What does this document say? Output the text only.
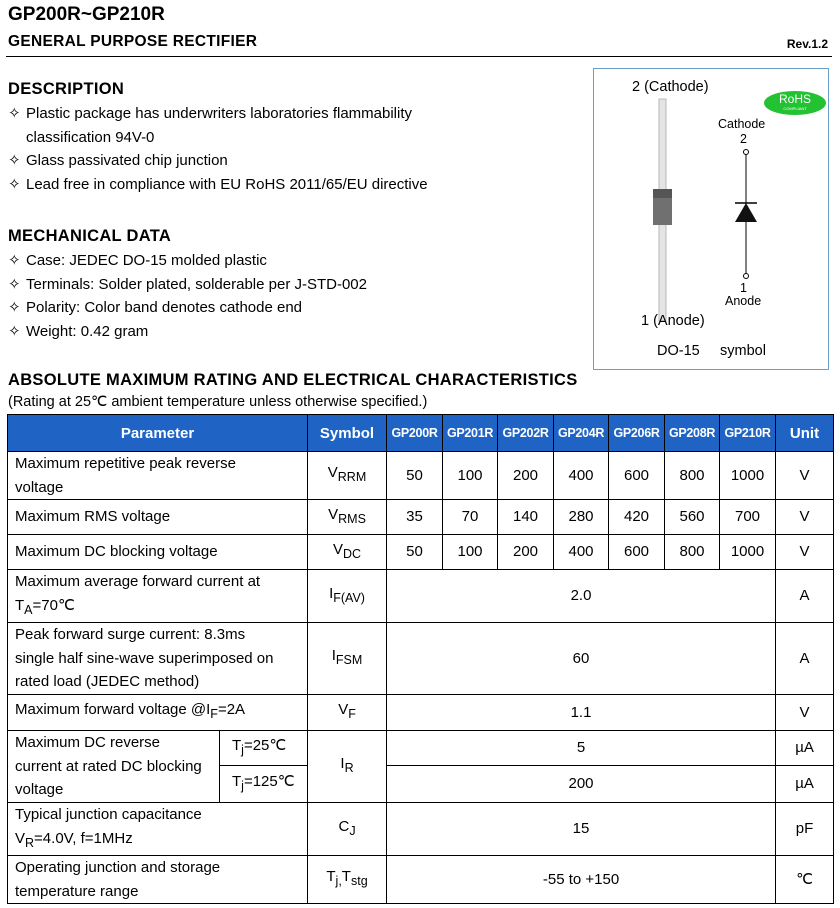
GP200R~GP210R
GENERAL PURPOSE RECTIFIER	Rev.1.2
DESCRIPTION
✧ Plastic package has underwriters laboratories flammability
classification 94V-0
✧ Glass passivated chip junction
✧ Lead free in compliance with EU RoHS 2011/65/EU directive
MECHANICAL DATA
✧ Case: JEDEC DO-15 molded plastic
✧ Terminals: Solder plated, solderable per J-STD-002
✧ Polarity: Color band denotes cathode end
✧ Weight: 0.42 gram
2 (Cathode)
RoHS
COMPLIANT
Cathode
2
1
Anode
1 (Anode)
DO-15 symbol
ABSOLUTE MAXIMUM RATING AND ELECTRICAL CHARACTERISTICS
(Rating at 25℃ ambient temperature unless otherwise specified.)
Parameter		Symbol	GP200R	GP201R	GP202R	GP204R	GP206R	GP208R	GP210R	Unit
Maximum repetitive peak reverse
voltage		$V_{RRM}$	50	100	200	400	600	800	1000	V
Maximum RMS voltage		$V_{RMS}$	35	70	140	280	420	560	700	V
Maximum DC blocking voltage		$V_{DC}$	50	100	200	400	600	800	1000	V
Maximum average forward current at
$T_A=70℃$		$I_{F(AV)}$	2.0							A
Peak forward surge current: 8.3ms
single half sine-wave superimposed on
rated load (JEDEC method)		$I_{FSM}$	60							A
Maximum forward voltage $@I_F=2A$		$V_F$	1.1							V
Maximum DC reverse
current at rated DC blocking
voltage	$T_j=25℃$	$I_R$	5							µA
	$T_j=125℃$		200							µA
Typical junction capacitance
$V_R=4.0V$, f=1MHz		$C_J$	15							pF
Operating junction and storage
temperature range		$T_{j,}T_{stg}$	-55 to +150							℃
